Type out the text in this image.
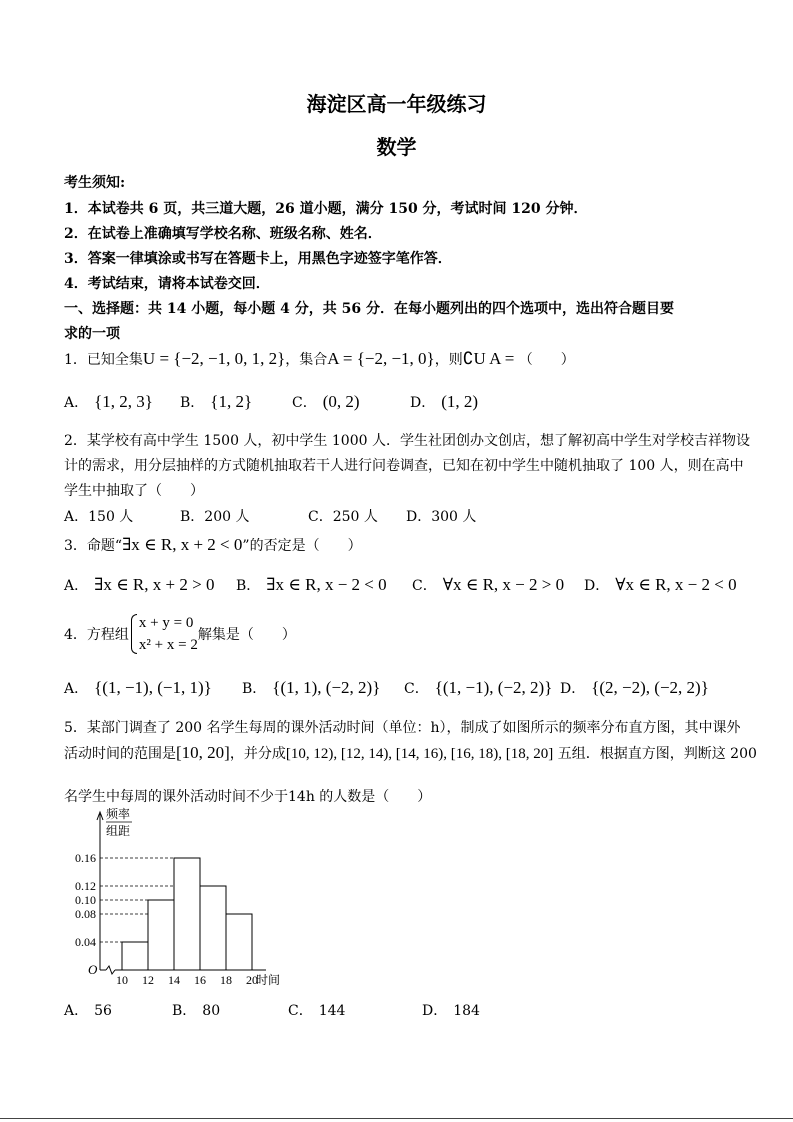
海淀区高一年级练习
数学
考生须知:
1．本试卷共 6 页，共三道大题，26 道小题，满分 150 分，考试时间 120 分钟．
2．在试卷上准确填写学校名称、班级名称、姓名．
3．答案一律填涂或书写在答题卡上，用黑色字迹签字笔作答．
4．考试结束，请将本试卷交回．
一、选择题：共 14 小题，每小题 4 分，共 56 分．在每小题列出的四个选项中，选出符合题目要
求的一项
1．已知全集U = {−2, −1, 0, 1, 2}，集合A = {−2, −1, 0}，则∁U A = （　　）
A． {1, 2, 3} B． {1, 2}	C． (0, 2)	D． (1, 2)
2．某学校有高中学生 1500 人，初中学生 1000 人．学生社团创办文创店，想了解初高中学生对学校吉祥物设
计的需求，用分层抽样的方式随机抽取若干人进行问卷调查，已知在初中学生中随机抽取了 100 人，则在高中
学生中抽取了（　　）
A．150 人	B．200 人	C．250 人 D．300 人
3．命题“∃x ∈ R, x + 2 < 0”的否定是（　　）
A． ∃x ∈ R, x + 2 > 0 B． ∃x ∈ R, x − 2 < 0 C． ∀x ∈ R, x − 2 > 0 D． ∀x ∈ R, x − 2 < 0
4．方程组
x + y = 0
x² + x = 2
解集是（　　）
A． {(1, −1), (−1, 1)} B． {(1, 1), (−2, 2)} C． {(1, −1), (−2, 2)} D． {(2, −2), (−2, 2)}
5．某部门调查了 200 名学生每周的课外活动时间（单位：h），制成了如图所示的频率分布直方图，其中课外
活动时间的范围是[10, 20]，并分成[10, 12), [12, 14), [14, 16), [16, 18), [18, 20] 五组．根据直方图，判断这 200
名学生中每周的课外活动时间不少于14h 的人数是（　　）
O
频率
组距
0.16
0.12
0.10
0.08
0.04
10 12 14 16 18 20
时间
A． 56	B． 80	C． 144	D． 184
